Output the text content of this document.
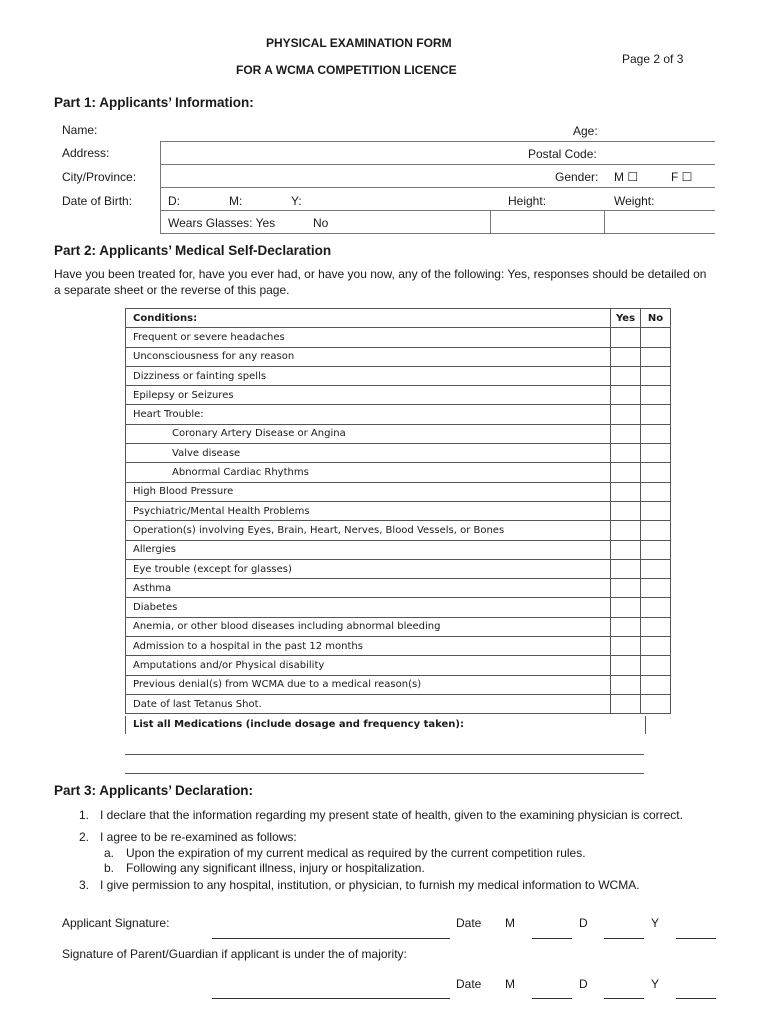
PHYSICAL EXAMINATION FORM
FOR A WCMA COMPETITION LICENCE
Page 2 of 3
Part 1: Applicants’ Information:
Name:	Age:
Address:	Postal Code:
City/Province:	Gender: M ☐	F ☐
Date of Birth:	D:	M:	Y:	Height:	Weight:
Wears Glasses: Yes	No
Part 2: Applicants’ Medical Self-Declaration
Have you been treated for, have you ever had, or have you now, any of the following: Yes, responses should be detailed on a separate sheet or the reverse of this page.
Conditions:	Yes	No
Frequent or severe headaches		
Unconsciousness for any reason		
Dizziness or fainting spells		
Epilepsy or Seizures		
Heart Trouble:		
Coronary Artery Disease or Angina		
Valve disease		
Abnormal Cardiac Rhythms		
High Blood Pressure		
Psychiatric/Mental Health Problems		
Operation(s) involving Eyes, Brain, Heart, Nerves, Blood Vessels, or Bones		
Allergies		
Eye trouble (except for glasses)		
Asthma		
Diabetes		
Anemia, or other blood diseases including abnormal bleeding		
Admission to a hospital in the past 12 months		
Amputations and/or Physical disability		
Previous denial(s) from WCMA due to a medical reason(s)		
Date of last Tetanus Shot.		
List all Medications (include dosage and frequency taken):
Part 3: Applicants’ Declaration:
1. I declare that the information regarding my present state of health, given to the examining physician is correct.
2. I agree to be re-examined as follows:
a. Upon the expiration of my current medical as required by the current competition rules.
b. Following any significant illness, injury or hospitalization.
3. I give permission to any hospital, institution, or physician, to furnish my medical information to WCMA.
Applicant Signature:	Date M	D	Y
Signature of Parent/Guardian if applicant is under the of majority:
Date M	D	Y
